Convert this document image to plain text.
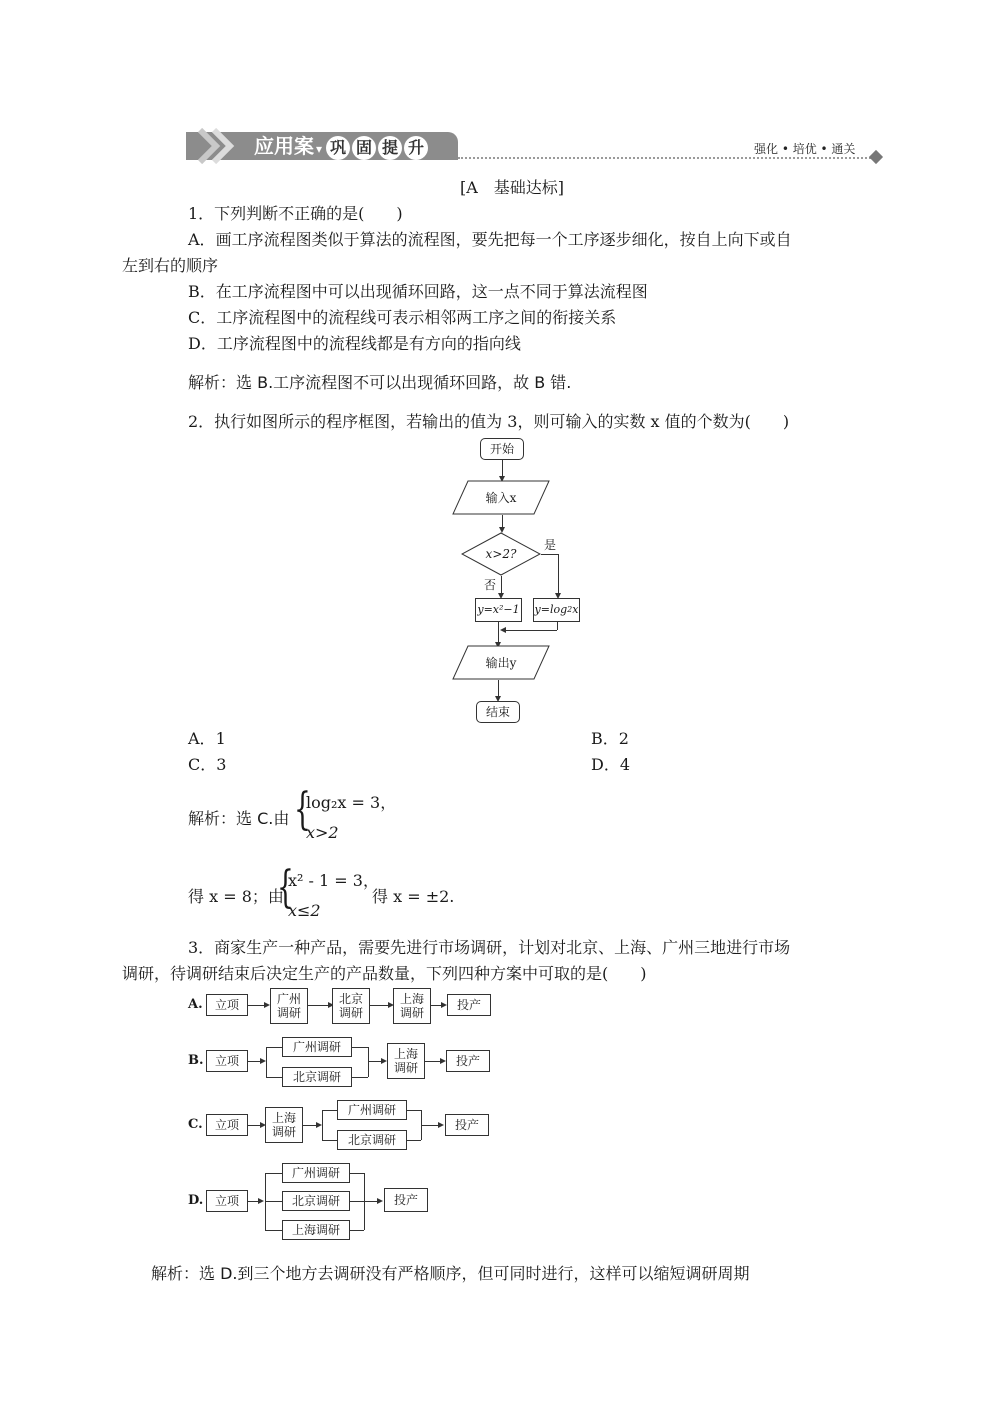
应用案 ▾ 巩 固 提 升	强化 • 培优 • 通关
[A　基础达标]
1．下列判断不正确的是(　　)
A．画工序流程图类似于算法的流程图，要先把每一个工序逐步细化，按自上向下或自
左到右的顺序
B．在工序流程图中可以出现循环回路，这一点不同于算法流程图
C．工序流程图中的流程线可表示相邻两工序之间的衔接关系
D．工序流程图中的流程线都是有方向的指向线
解析：选 B.工序流程图不可以出现循环回路，故 B 错.
2．执行如图所示的程序框图，若输出的值为 3，则可输入的实数 x 值的个数为(　　)
开始
输入x
x>2?
是
否
y=x²−1 y=log 2 x
输出y
结束
A．1	B．2
C．3	D．4
解析：选 C.由 {
log₂x = 3，
x>2
得 x = 8；由
{
x² - 1 = 3，
x≤2
得 x = ±2.
3．商家生产一种产品，需要先进行市场调研，计划对北京、上海、广州三地进行市场
调研，待调研结束后决定生产的产品数量，下列四种方案中可取的是(　　)
A.	立项	广州调研
北京调研
上海调研
投产
B. 立项
广州调研
北京调研
上海调研	投产
C.	立项	上海调研
广州调研
北京调研
投产
D. 立项
广州调研
北京调研
上海调研
投产
解析：选 D.到三个地方去调研没有严格顺序，但可同时进行，这样可以缩短调研周期
